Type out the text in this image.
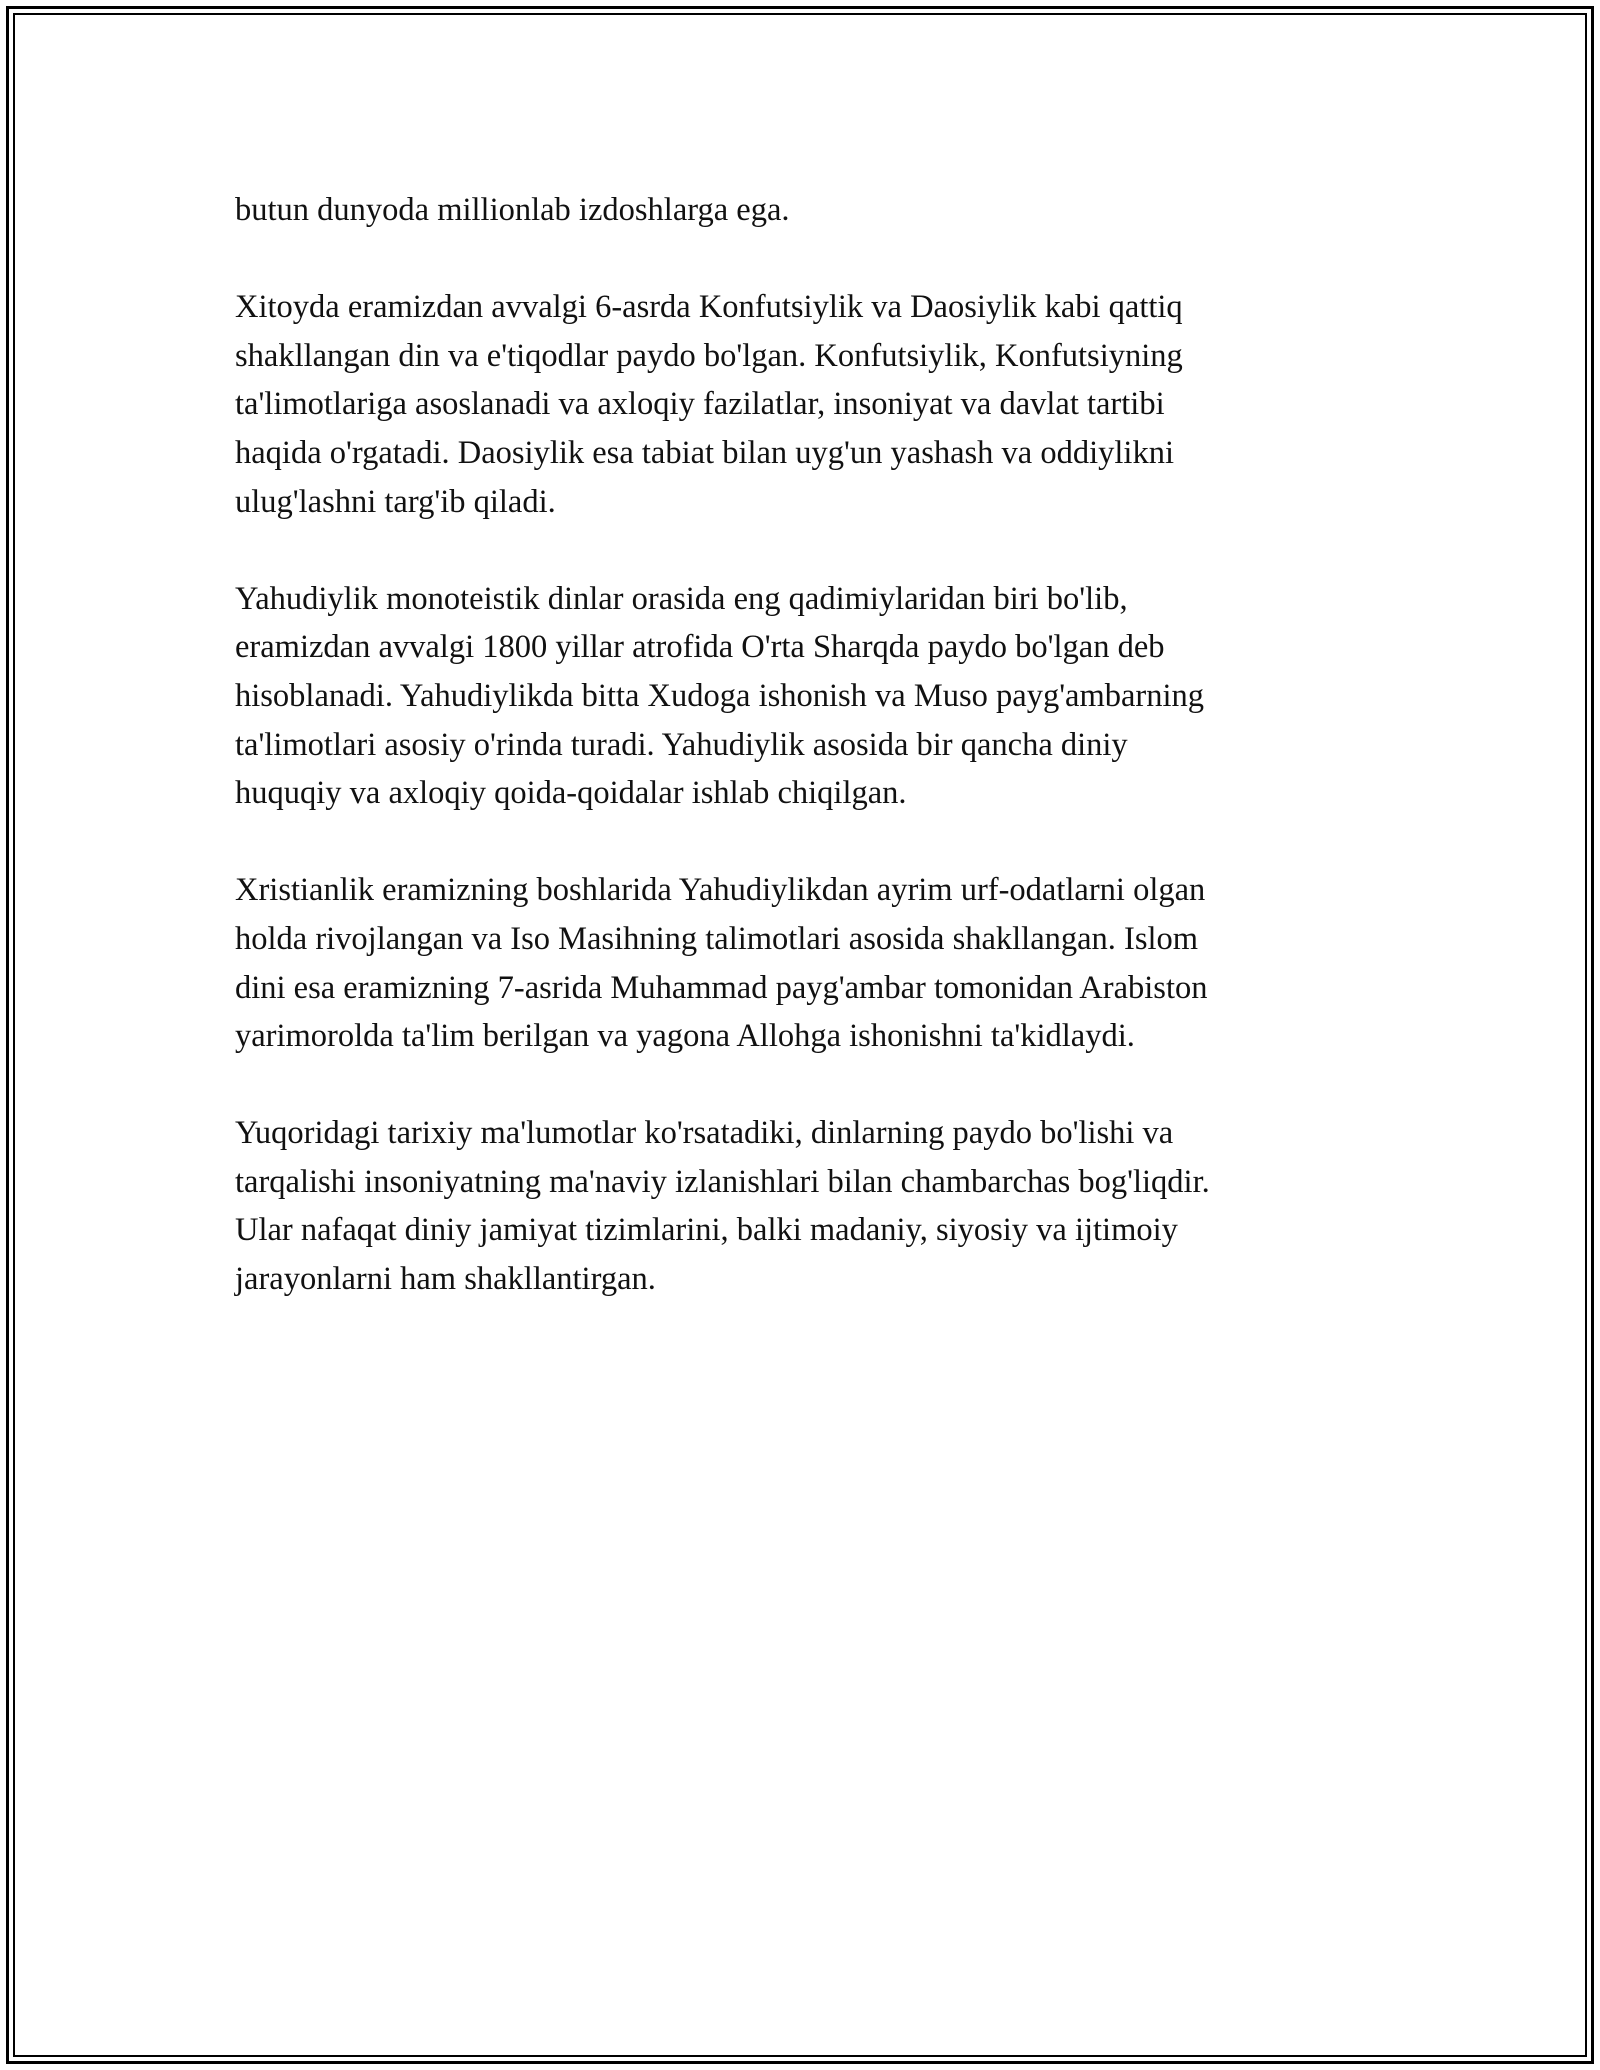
butun dunyoda millionlab izdoshlarga ega.

Xitoyda eramizdan avvalgi 6-asrda Konfutsiylik va Daosiylik kabi qattiq
shakllangan din va e'tiqodlar paydo bo'lgan. Konfutsiylik, Konfutsiyning
ta'limotlariga asoslanadi va axloqiy fazilatlar, insoniyat va davlat tartibi
haqida o'rgatadi. Daosiylik esa tabiat bilan uyg'un yashash va oddiylikni
ulug'lashni targ'ib qiladi.

Yahudiylik monoteistik dinlar orasida eng qadimiylaridan biri bo'lib,
eramizdan avvalgi 1800 yillar atrofida O'rta Sharqda paydo bo'lgan deb
hisoblanadi. Yahudiylikda bitta Xudoga ishonish va Muso payg'ambarning
ta'limotlari asosiy o'rinda turadi. Yahudiylik asosida bir qancha diniy
huquqiy va axloqiy qoida-qoidalar ishlab chiqilgan.

Xristianlik eramizning boshlarida Yahudiylikdan ayrim urf-odatlarni olgan
holda rivojlangan va Iso Masihning talimotlari asosida shakllangan. Islom
dini esa eramizning 7-asrida Muhammad payg'ambar tomonidan Arabiston
yarimorolda ta'lim berilgan va yagona Allohga ishonishni ta'kidlaydi.

Yuqoridagi tarixiy ma'lumotlar ko'rsatadiki, dinlarning paydo bo'lishi va
tarqalishi insoniyatning ma'naviy izlanishlari bilan chambarchas bog'liqdir.
Ular nafaqat diniy jamiyat tizimlarini, balki madaniy, siyosiy va ijtimoiy
jarayonlarni ham shakllantirgan.
